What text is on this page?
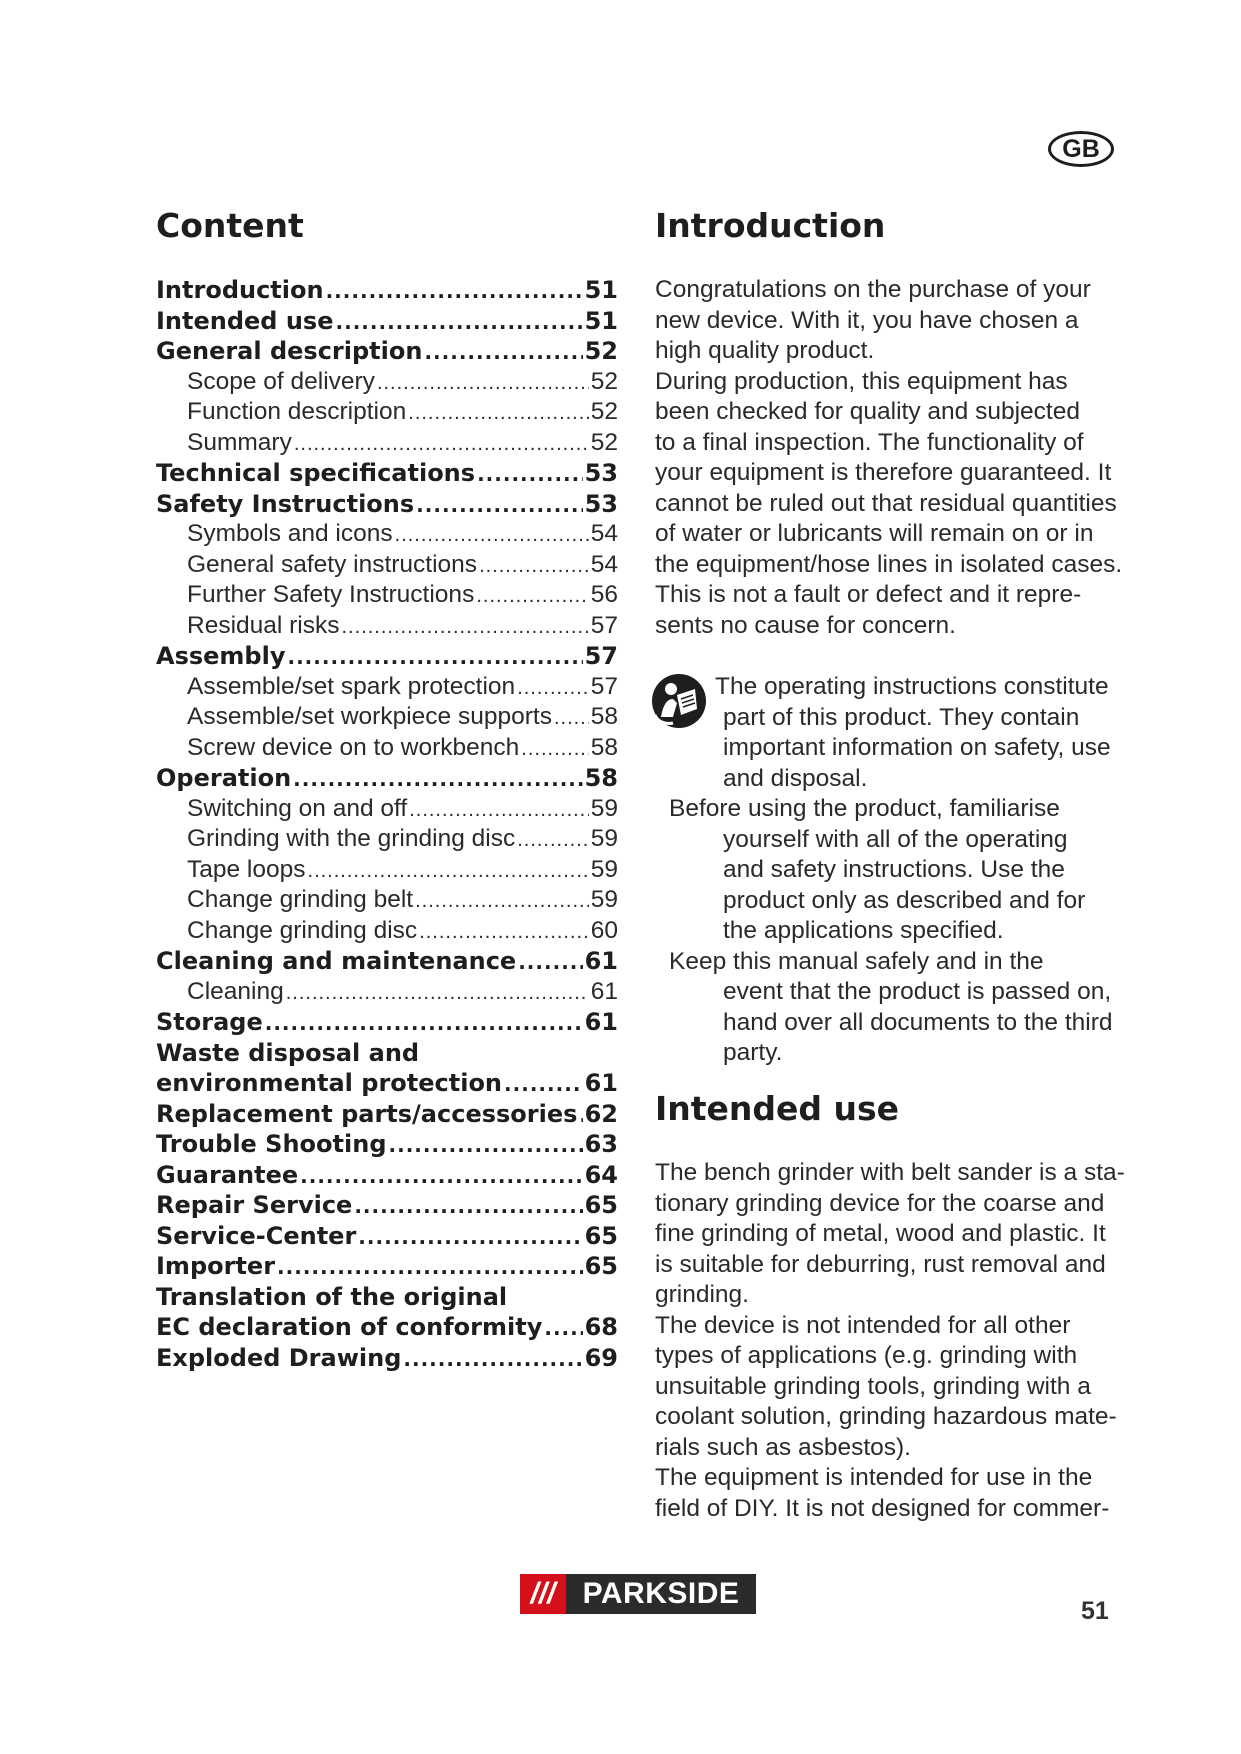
GB
Content
Introduction .....	51
Intended use .....	51
General description .....	52
Scope of delivery .....	52
Function description .....	52
Summary .....	52
Technical specifications .....	53
Safety Instructions .....	53
Symbols and icons .....	54
General safety instructions .....	54
Further Safety Instructions .....	56
Residual risks .....	57
Assembly .....	57
Assemble/set spark protection .....	57
Assemble/set workpiece supports ..... 58
Screw device on to workbench .....	58
Operation .....	58
Switching on and off .....	59
Grinding with the grinding disc .....	59
Tape loops .....	59
Change grinding belt .....	59
Change grinding disc .....	60
Cleaning and maintenance .....	61
Cleaning .....	61
Storage .....	61
Waste disposal and
environmental protection .....	61
Replacement parts/accessories ..... 62
Trouble Shooting .....	63
Guarantee .....	64
Repair Service .....	65
Service-Center .....	65
Importer .....	65
Translation of the original
EC declaration of conformity ..... 68
Exploded Drawing .....	69
Introduction

Congratulations on the purchase of your

new device. With it, you have chosen a

high quality product.

During production, this equipment has

been checked for quality and subjected

to a final inspection. The functionality of

your equipment is therefore guaranteed. It

cannot be ruled out that residual quantities

of water or lubricants will remain on or in

the equipment/hose lines in isolated cases.

This is not a fault or defect and it repre-

sents no cause for concern.

The operating instructions constitute

part of this product. They contain

important information on safety, use

and disposal.

Before using the product, familiarise

yourself with all of the operating

and safety instructions. Use the

product only as described and for

the applications specified.

Keep this manual safely and in the

event that the product is passed on,

hand over all documents to the third

party.

Intended use

The bench grinder with belt sander is a sta-

tionary grinding device for the coarse and

fine grinding of metal, wood and plastic. It

is suitable for deburring, rust removal and

grinding.

The device is not intended for all other

types of applications (e.g. grinding with

unsuitable grinding tools, grinding with a

coolant solution, grinding hazardous mate-

rials such as asbestos).

The equipment is intended for use in the

field of DIY. It is not designed for commer-

/// PARKSIDE
51
